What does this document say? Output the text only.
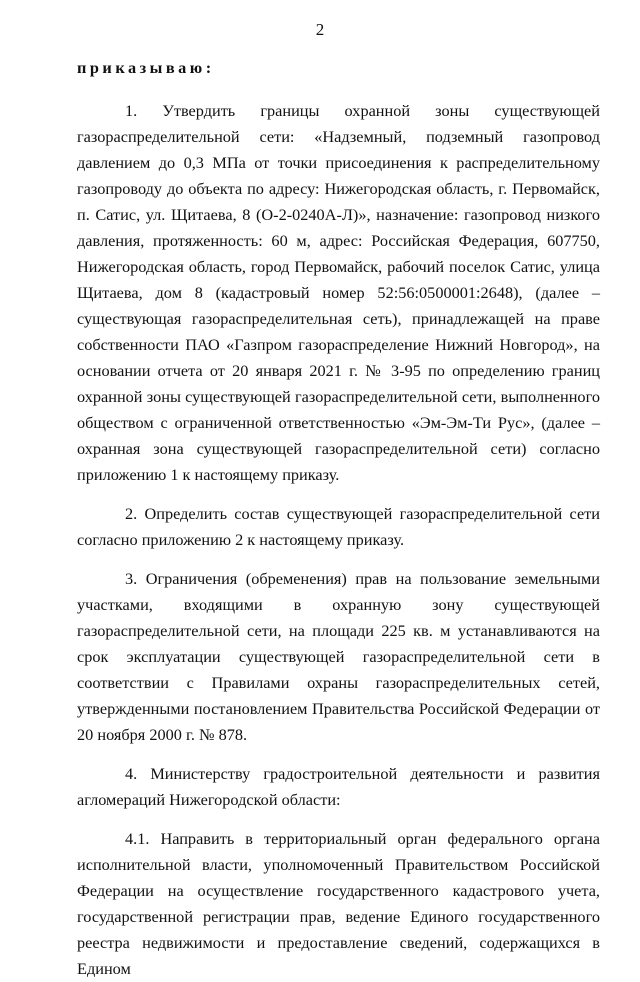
2
приказываю:

1. Утвердить границы охранной зоны существующей газораспределительной сети: «Надземный, подземный газопровод давлением до 0,3 МПа от точки присоединения к распределительному газопроводу до объекта по адресу: Нижегородская область, г. Первомайск, п. Сатис, ул. Щитаева, 8 (О-2-0240А-Л)», назначение: газопровод низкого давления, протяженность: 60 м, адрес: Российская Федерация, 607750, Нижегородская область, город Первомайск, рабочий поселок Сатис, улица Щитаева, дом 8 (кадастровый номер 52:56:0500001:2648), (далее – существующая газораспределительная сеть), принадлежащей на праве собственности ПАО «Газпром газораспределение Нижний Новгород», на основании отчета от 20 января 2021 г. № 3-95 по определению границ охранной зоны существующей газораспределительной сети, выполненного обществом с ограниченной ответственностью «Эм-Эм-Ти Рус», (далее – охранная зона существующей газораспределительной сети) согласно приложению 1 к настоящему приказу.

2. Определить состав существующей газораспределительной сети согласно приложению 2 к настоящему приказу.

3. Ограничения (обременения) прав на пользование земельными участками, входящими в охранную зону существующей газораспределительной сети, на площади 225 кв. м устанавливаются на срок эксплуатации существующей газораспределительной сети в соответствии с Правилами охраны газораспределительных сетей, утвержденными постановлением Правительства Российской Федерации от 20 ноября 2000 г. № 878.

4. Министерству градостроительной деятельности и развития агломераций Нижегородской области:

4.1. Направить в территориальный орган федерального органа исполнительной власти, уполномоченный Правительством Российской Федерации на осуществление государственного кадастрового учета, государственной регистрации прав, ведение Единого государственного реестра недвижимости и предоставление сведений, содержащихся в Едином
